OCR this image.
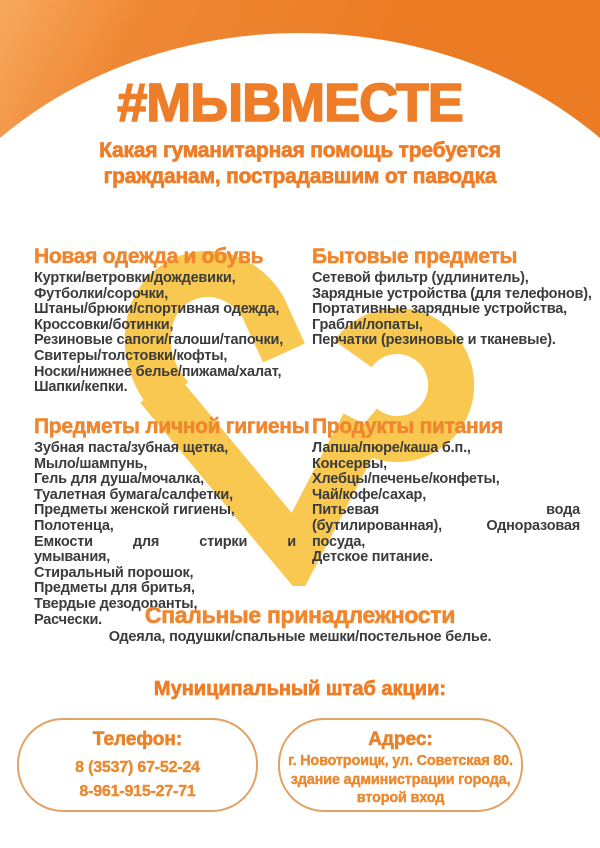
#МЫВМЕСТЕ
Какая гуманитарная помощь требуется
гражданам, пострадавшим от паводка
Новая одежда и обувь
Куртки/ветровки/дождевики,
Футболки/сорочки,
Штаны/брюки/спортивная одежда,
Кроссовки/ботинки,
Резиновые сапоги/галоши/тапочки,
Свитеры/толстовки/кофты,
Носки/нижнее белье/пижама/халат,
Шапки/кепки.
Бытовые предметы
Сетевой фильтр (удлинитель),
Зарядные устройства (для телефонов),
Портативные зарядные устройства,
Грабли/лопаты,
Перчатки (резиновые и тканевые).
Предметы личной гигиены
Зубная паста/зубная щетка,
Мыло/шампунь,
Гель для душа/мочалка,
Туалетная бумага/салфетки,
Предметы женской гигиены,
Полотенца,
Емкости	для	стирки	и
умывания,
Стиральный порошок,
Предметы для бритья,
Твердые дезодоранты,
Расчески.
Продукты питания
Лапша/пюре/каша б.п.,
Консервы,
Хлебцы/печенье/конфеты,
Чай/кофе/сахар,
Питьевая	вода
(бутилированная),	Одноразовая
посуда,
Детское питание.
Спальные принадлежности
Одеяла, подушки/спальные мешки/постельное белье.
Муниципальный штаб акции:
Телефон:
8 (3537) 67-52-24
8-961-915-27-71
Адрес:
г. Новотроицк, ул. Советская 80.
здание администрации города,
второй вход
